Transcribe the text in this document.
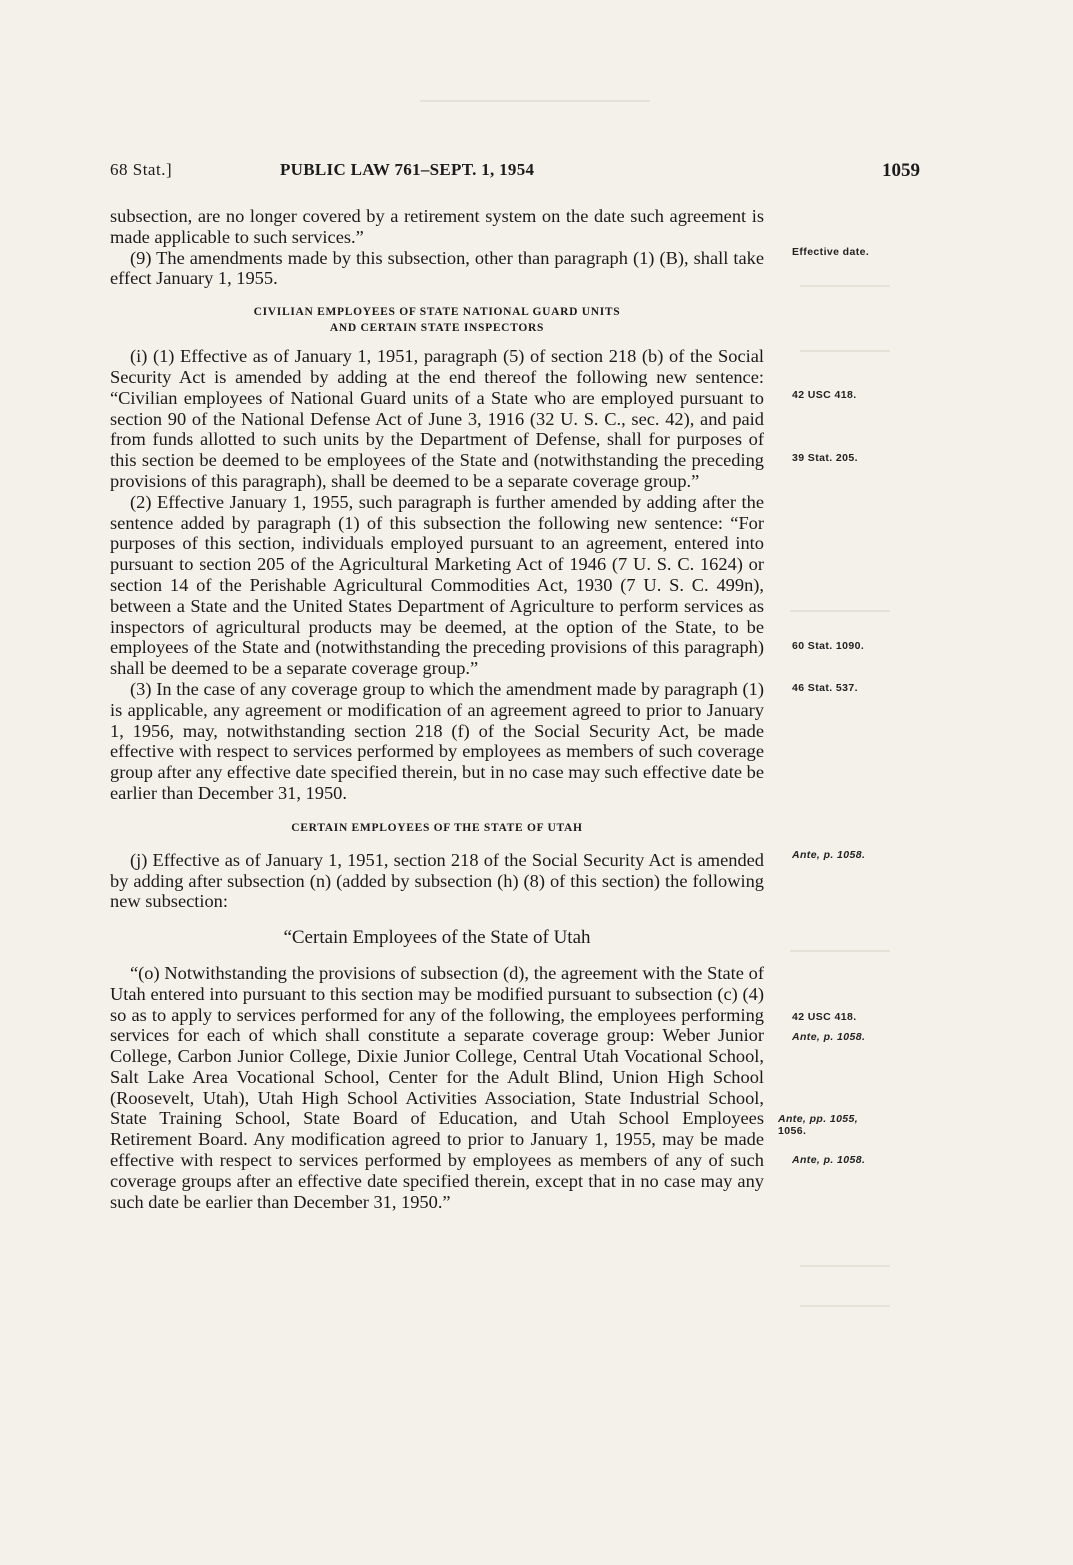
68 Stat.]	PUBLIC LAW 761–SEPT. 1, 1954	1059

subsection, are no longer covered by a retirement system on the date such agreement is made applicable to such services.”

(9) The amendments made by this subsection, other than paragraph (1) (B), shall take effect January 1, 1955.

CIVILIAN EMPLOYEES OF STATE NATIONAL GUARD UNITS
AND CERTAIN STATE INSPECTORS

(i) (1) Effective as of January 1, 1951, paragraph (5) of section 218 (b) of the Social Security Act is amended by adding at the end thereof the following new sentence: “Civilian employees of National Guard units of a State who are employed pursuant to section 90 of the National Defense Act of June 3, 1916 (32 U. S. C., sec. 42), and paid from funds allotted to such units by the Department of Defense, shall for purposes of this section be deemed to be employees of the State and (notwithstanding the preceding provisions of this paragraph), shall be deemed to be a separate coverage group.”

(2) Effective January 1, 1955, such paragraph is further amended by adding after the sentence added by paragraph (1) of this subsection the following new sentence: “For purposes of this section, individuals employed pursuant to an agreement, entered into pursuant to section 205 of the Agricultural Marketing Act of 1946 (7 U. S. C. 1624) or section 14 of the Perishable Agricultural Commodities Act, 1930 (7 U. S. C. 499n), between a State and the United States Department of Agriculture to perform services as inspectors of agricultural products may be deemed, at the option of the State, to be employees of the State and (notwithstanding the preceding provisions of this paragraph) shall be deemed to be a separate coverage group.”

(3) In the case of any coverage group to which the amendment made by paragraph (1) is applicable, any agreement or modification of an agreement agreed to prior to January 1, 1956, may, notwithstanding section 218 (f) of the Social Security Act, be made effective with respect to services performed by employees as members of such coverage group after any effective date specified therein, but in no case may such effective date be earlier than December 31, 1950.

CERTAIN EMPLOYEES OF THE STATE OF UTAH

(j) Effective as of January 1, 1951, section 218 of the Social Security Act is amended by adding after subsection (n) (added by subsection (h) (8) of this section) the following new subsection:

“Certain Employees of the State of Utah

“(o) Notwithstanding the provisions of subsection (d), the agreement with the State of Utah entered into pursuant to this section may be modified pursuant to subsection (c) (4) so as to apply to services performed for any of the following, the employees performing services for each of which shall constitute a separate coverage group: Weber Junior College, Carbon Junior College, Dixie Junior College, Central Utah Vocational School, Salt Lake Area Vocational School, Center for the Adult Blind, Union High School (Roosevelt, Utah), Utah High School Activities Association, State Industrial School, State Training School, State Board of Education, and Utah School Employees Retirement Board. Any modification agreed to prior to January 1, 1955, may be made effective with respect to services performed by employees as members of any of such coverage groups after an effective date specified therein, except that in no case may any such date be earlier than December 31, 1950.”

Effective date.
42 USC 418.
39 Stat. 205.
60 Stat. 1090.
46 Stat. 537.
Ante, p. 1058.
42 USC 418.
Ante, p. 1058.
Ante, pp. 1055,
1056.
Ante, p. 1058.
